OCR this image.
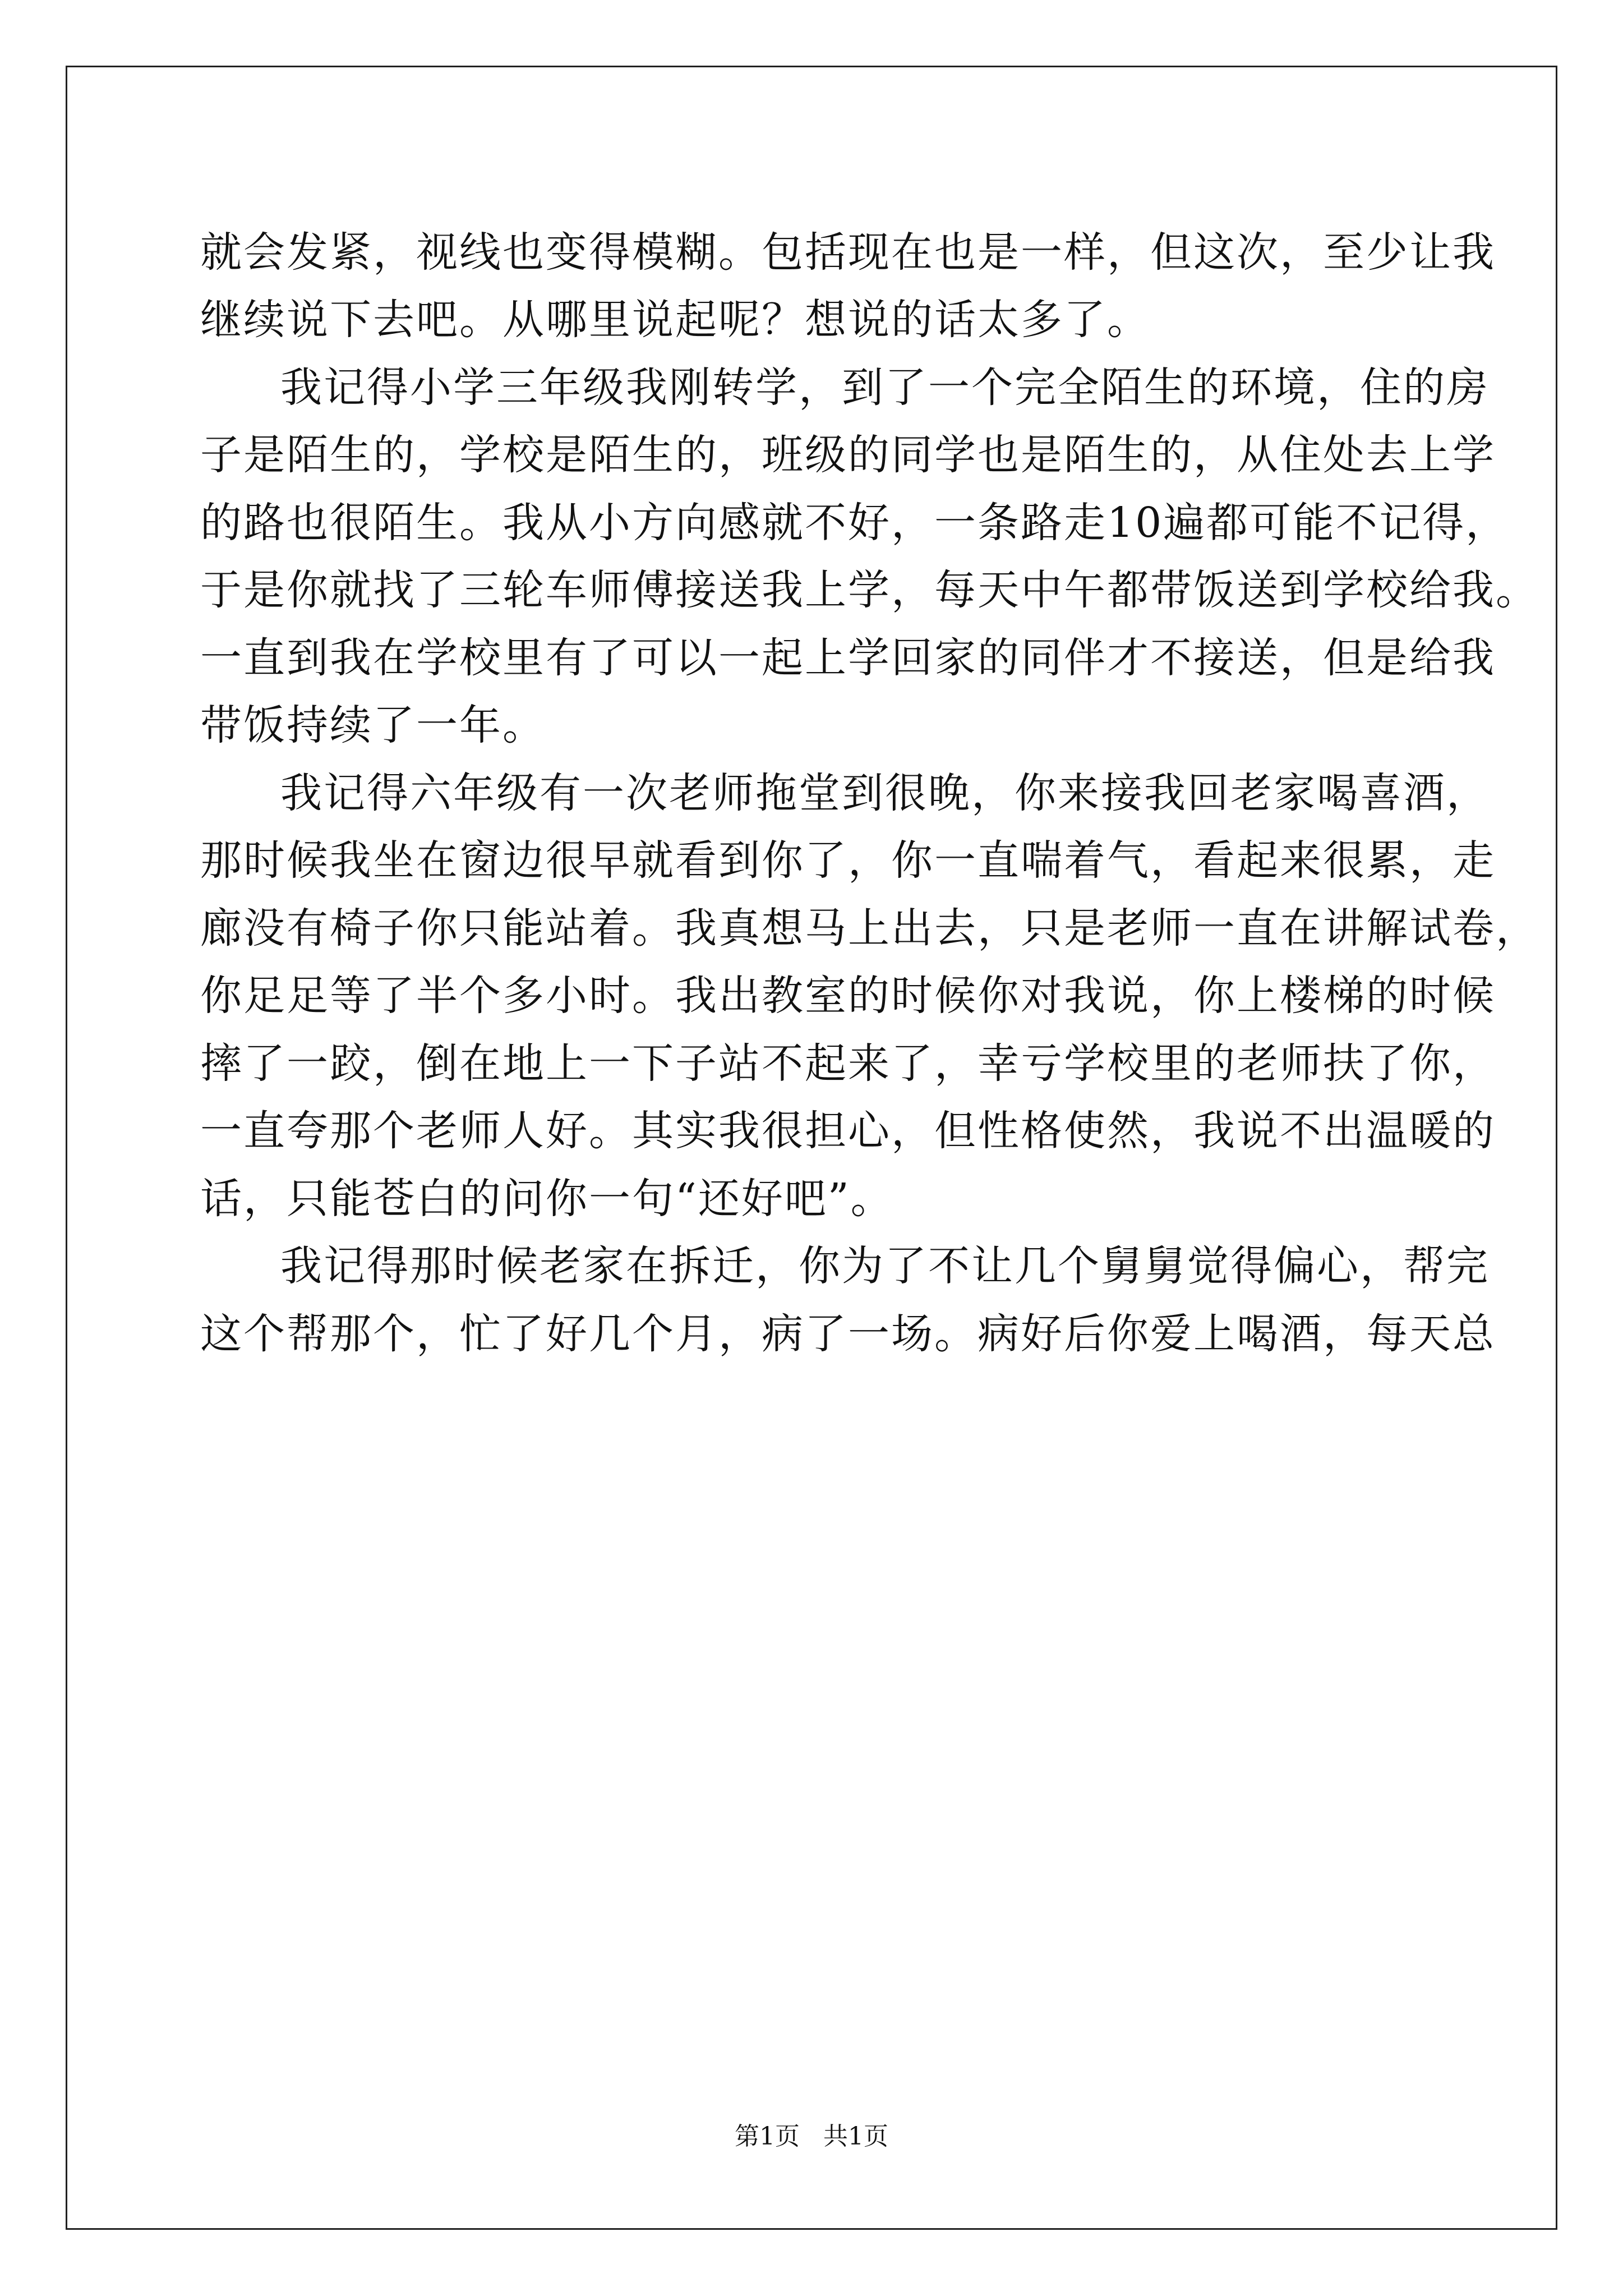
就会发紧，视线也变得模糊。包括现在也是一样，但这次，至少让我
继续说下去吧。从哪里说起呢？想说的话太多了。
我记得小学三年级我刚转学，到了一个完全陌生的环境，住的房
子是陌生的，学校是陌生的，班级的同学也是陌生的，从住处去上学
的路也很陌生。我从小方向感就不好，一条路走10遍都可能不记得，
于是你就找了三轮车师傅接送我上学，每天中午都带饭送到学校给我。
一直到我在学校里有了可以一起上学回家的同伴才不接送，但是给我
带饭持续了一年。
我记得六年级有一次老师拖堂到很晚，你来接我回老家喝喜酒，
那时候我坐在窗边很早就看到你了，你一直喘着气，看起来很累，走
廊没有椅子你只能站着。我真想马上出去，只是老师一直在讲解试卷，
你足足等了半个多小时。我出教室的时候你对我说，你上楼梯的时候
摔了一跤，倒在地上一下子站不起来了，幸亏学校里的老师扶了你，
一直夸那个老师人好。其实我很担心，但性格使然，我说不出温暖的
话，只能苍白的问你一句“还好吧”。
我记得那时候老家在拆迁，你为了不让几个舅舅觉得偏心，帮完
这个帮那个，忙了好几个月，病了一场。病好后你爱上喝酒，每天总
第1页   共1页
